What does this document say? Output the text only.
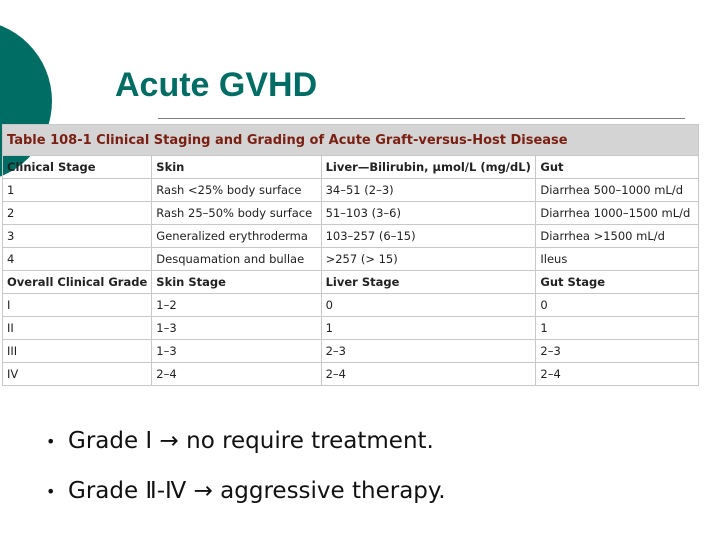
Acute GVHD
Table 108-1 Clinical Staging and Grading of Acute Graft-versus-Host Disease			
Clinical Stage	Skin	Liver—Bilirubin, μmol/L (mg/dL)	Gut
1	Rash <25% body surface	34–51 (2–3)	Diarrhea 500–1000 mL/d
2	Rash 25–50% body surface	51–103 (3–6)	Diarrhea 1000–1500 mL/d
3	Generalized erythroderma	103–257 (6–15)	Diarrhea >1500 mL/d
4	Desquamation and bullae	>257 (> 15)	Ileus
Overall Clinical Grade	Skin Stage	Liver Stage	Gut Stage
I	1–2	0	0
II	1–3	1	1
III	1–3	2–3	2–3
IV	2–4	2–4	2–4
• Grade Ⅰ → no require treatment.
• Grade Ⅱ-Ⅳ → aggressive therapy.
